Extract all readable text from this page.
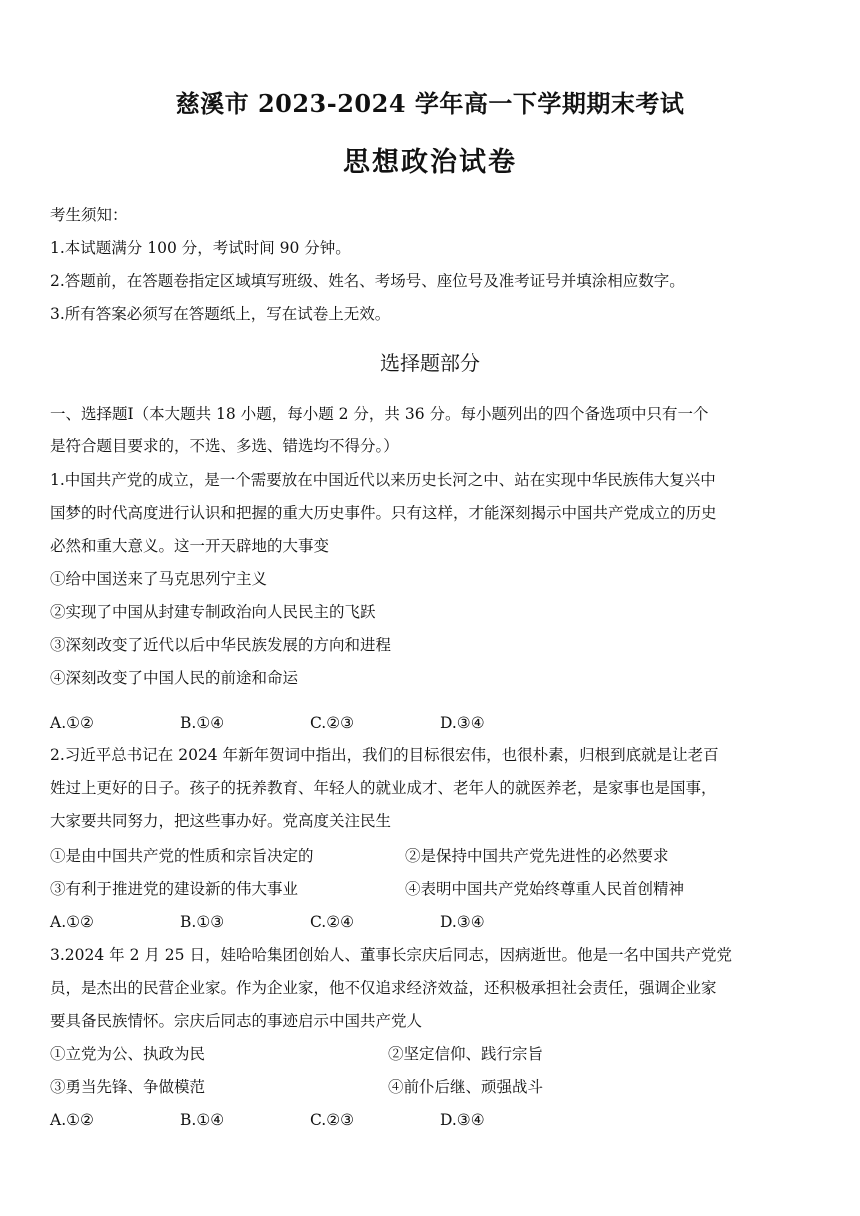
慈溪市 2023-2024 学年高一下学期期末考试
思想政治试卷
考生须知：
1.本试题满分 100 分，考试时间 90 分钟。
2.答题前，在答题卷指定区域填写班级、姓名、考场号、座位号及准考证号并填涂相应数字。
3.所有答案必须写在答题纸上，写在试卷上无效。
选择题部分
一、选择题Ⅰ（本大题共 18 小题，每小题 2 分，共 36 分。每小题列出的四个备选项中只有一个
是符合题目要求的，不选、多选、错选均不得分。）
1.中国共产党的成立，是一个需要放在中国近代以来历史长河之中、站在实现中华民族伟大复兴中
国梦的时代高度进行认识和把握的重大历史事件。只有这样，才能深刻揭示中国共产党成立的历史
必然和重大意义。这一开天辟地的大事变
①给中国送来了马克思列宁主义
②实现了中国从封建专制政治向人民民主的飞跃
③深刻改变了近代以后中华民族发展的方向和进程
④深刻改变了中国人民的前途和命运
A.①②	B.①④	C.②③	D.③④
2.习近平总书记在 2024 年新年贺词中指出，我们的目标很宏伟，也很朴素，归根到底就是让老百
姓过上更好的日子。孩子的抚养教育、年轻人的就业成才、老年人的就医养老，是家事也是国事，
大家要共同努力，把这些事办好。党高度关注民生
①是由中国共产党的性质和宗旨决定的	②是保持中国共产党先进性的必然要求
③有利于推进党的建设新的伟大事业	④表明中国共产党始终尊重人民首创精神
A.①②	B.①③	C.②④	D.③④
3.2024 年 2 月 25 日，娃哈哈集团创始人、董事长宗庆后同志，因病逝世。他是一名中国共产党党
员，是杰出的民营企业家。作为企业家，他不仅追求经济效益，还积极承担社会责任，强调企业家
要具备民族情怀。宗庆后同志的事迹启示中国共产党人
①立党为公、执政为民	②坚定信仰、践行宗旨
③勇当先锋、争做模范	④前仆后继、顽强战斗
A.①②	B.①④	C.②③	D.③④
